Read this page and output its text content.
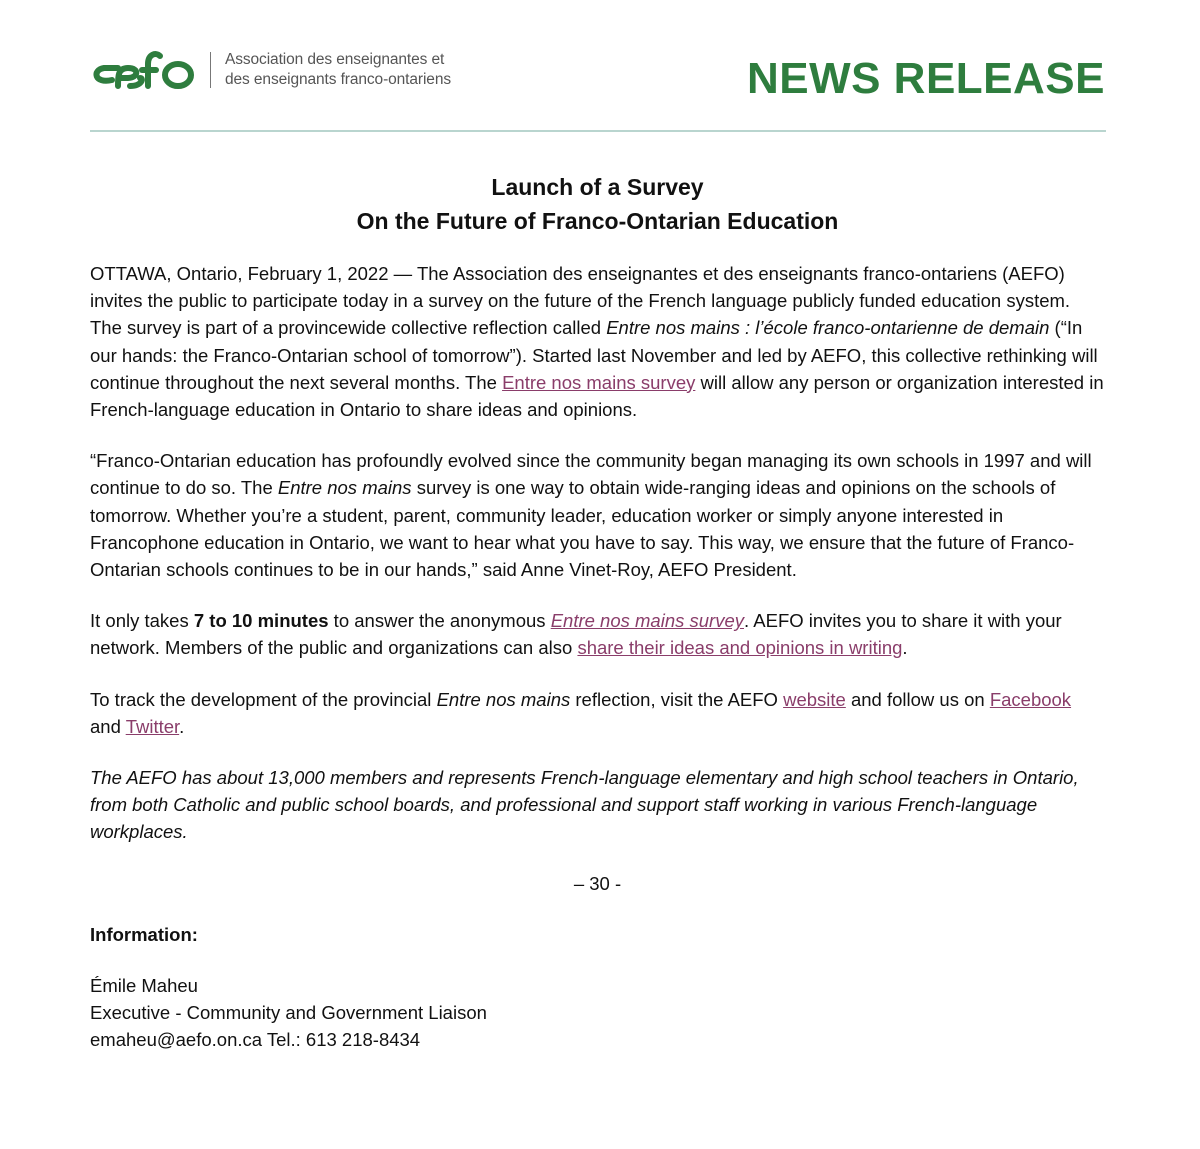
Association des enseignantes et
des enseignants franco-ontariens	NEWS RELEASE
Launch of a Survey
On the Future of Franco-Ontarian Education

OTTAWA, Ontario, February 1, 2022 — The Association des enseignantes et des enseignants franco-ontariens (AEFO) invites the public to participate today in a survey on the future of the French language publicly funded education system. The survey is part of a provincewide collective reflection called Entre nos mains : l’école franco-ontarienne de demain (“In our hands: the Franco-Ontarian school of tomorrow”). Started last November and led by AEFO, this collective rethinking will continue throughout the next several months. The Entre nos mains survey will allow any person or organization interested in French-language education in Ontario to share ideas and opinions.

“Franco-Ontarian education has profoundly evolved since the community began managing its own schools in 1997 and will continue to do so. The Entre nos mains survey is one way to obtain wide-ranging ideas and opinions on the schools of tomorrow. Whether you’re a student, parent, community leader, education worker or simply anyone interested in Francophone education in Ontario, we want to hear what you have to say. This way, we ensure that the future of Franco-Ontarian schools continues to be in our hands,” said Anne Vinet-Roy, AEFO President.

It only takes 7 to 10 minutes to answer the anonymous Entre nos mains survey. AEFO invites you to share it with your network. Members of the public and organizations can also share their ideas and opinions in writing.

To track the development of the provincial Entre nos mains reflection, visit the AEFO website and follow us on Facebook and Twitter.

The AEFO has about 13,000 members and represents French-language elementary and high school teachers in Ontario, from both Catholic and public school boards, and professional and support staff working in various French-language workplaces.

– 30 -

Information:

Émile Maheu
Executive - Community and Government Liaison
emaheu@aefo.on.ca Tel.: 613 218-8434
